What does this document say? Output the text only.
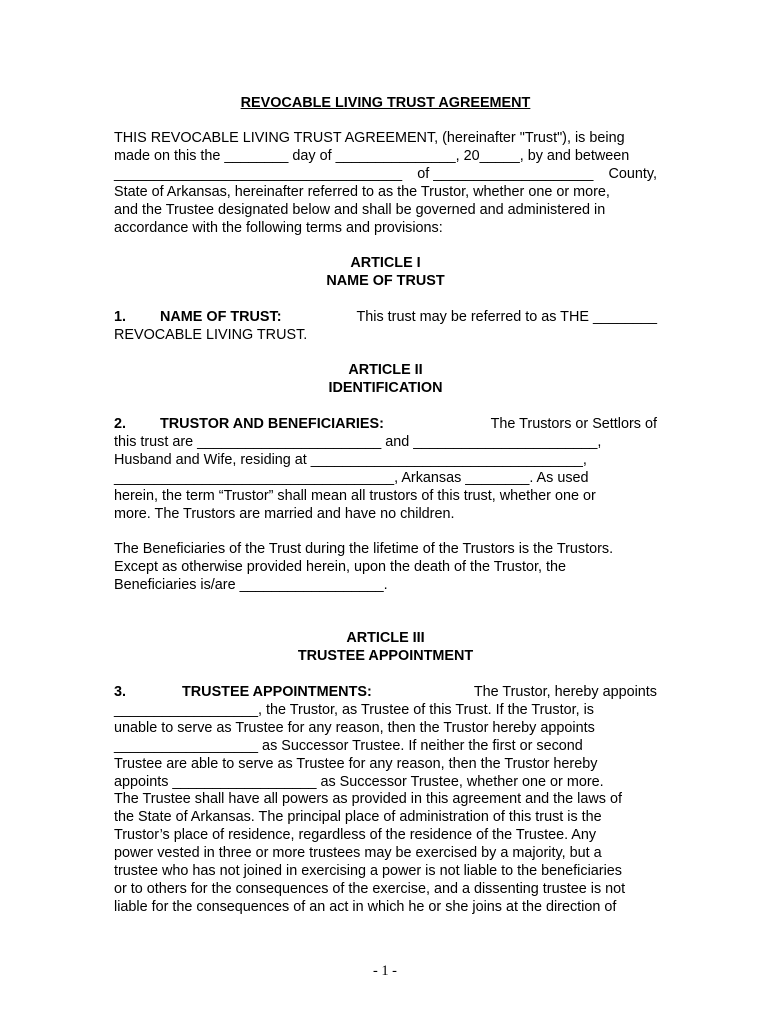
REVOCABLE LIVING TRUST AGREEMENT
THIS REVOCABLE LIVING TRUST AGREEMENT, (hereinafter "Trust"), is being
made on this the ________ day of _______________, 20_____, by and between
____________________________________ of ____________________ County,
State of Arkansas, hereinafter referred to as the Trustor, whether one or more,
and the Trustee designated below and shall be governed and administered in
accordance with the following terms and provisions:
ARTICLE I
NAME OF TRUST
1. NAME OF TRUST:	This trust may be referred to as THE ________
REVOCABLE LIVING TRUST.
ARTICLE II
IDENTIFICATION
2. TRUSTOR AND BENEFICIARIES:	The Trustors or Settlors of
this trust are _______________________ and _______________________,
Husband and Wife, residing at __________________________________,
___________________________________, Arkansas ________. As used
herein, the term “Trustor” shall mean all trustors of this trust, whether one or
more. The Trustors are married and have no children.
The Beneficiaries of the Trust during the lifetime of the Trustors is the Trustors.
Except as otherwise provided herein, upon the death of the Trustor, the
Beneficiaries is/are __________________.
ARTICLE III
TRUSTEE APPOINTMENT
3.	TRUSTEE APPOINTMENTS:	The Trustor, hereby appoints
__________________, the Trustor, as Trustee of this Trust. If the Trustor, is
unable to serve as Trustee for any reason, then the Trustor hereby appoints
__________________ as Successor Trustee. If neither the first or second
Trustee are able to serve as Trustee for any reason, then the Trustor hereby
appoints __________________ as Successor Trustee, whether one or more.
The Trustee shall have all powers as provided in this agreement and the laws of
the State of Arkansas. The principal place of administration of this trust is the
Trustor’s place of residence, regardless of the residence of the Trustee. Any
power vested in three or more trustees may be exercised by a majority, but a
trustee who has not joined in exercising a power is not liable to the beneficiaries
or to others for the consequences of the exercise, and a dissenting trustee is not
liable for the consequences of an act in which he or she joins at the direction of
- 1 -
